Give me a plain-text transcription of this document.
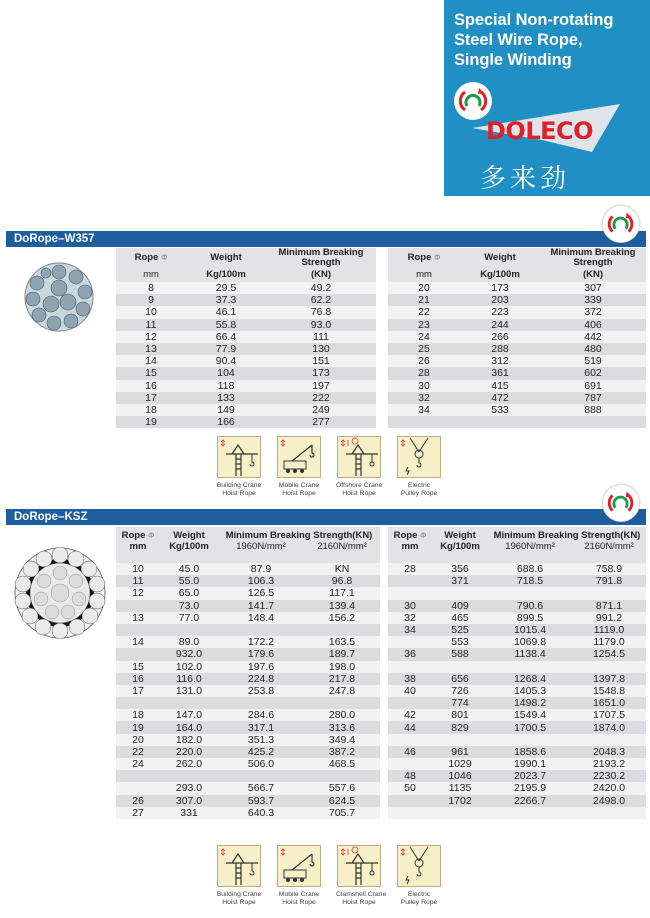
Special Non-rotating
Steel Wire Rope,
Single Winding
DOLECO
多来劲
DoRope–W357
Rope Φ	Weight	Minimum Breaking Strength
mm	Kg/100m	(KN)
8	29.5	49.2
9	37.3	62.2
10	46.1	76.8
11	55.8	93.0
12	66.4	111
13	77.9	130
14	90.4	151
15	104	173
16	118	197
17	133	222
18	149	249
19	166	277
Rope Φ	Weight	Minimum Breaking Strength
mm	Kg/100m	(KN)
20	173	307
21	203	339
22	223	372
23	244	406
24	266	442
25	288	480
26	312	519
28	361	602
30	415	691
32	472	787
34	533	888

Building Crane
Hoist Rope
Mobile Crane
Hoist Rope
Offshore Crane
Hoist Rope
Electric
Pulley Rope
DoRope–KSZ
Rope Φ	Weight	Minimum Breaking Strength(KN)	
mm	Kg/100m	1960N/mm²	2160N/mm²

10	45.0	87.9	KN
11	55.0	106.3	96.8
12	65.0	126.5	117.1
	73.0	141.7	139.4
13	77.0	148.4	156.2

14	89.0	172.2	163.5
	932.0	179.6	189.7
15	102.0	197.6	198.0
16	116.0	224.8	217.8
17	131.0	253.8	247.8

18	147.0	284.6	280.0
19	164.0	317.1	313.6
20	182.0	351.3	349.4
22	220.0	425.2	387.2
24	262.0	506.0	468.5

	293.0	566.7	557.6
26	307.0	593.7	624.5
27	331	640.3	705.7
Rope Φ	Weight	Minimum Breaking Strength(KN)	
mm	Kg/100m	1960N/mm²	2160N/mm²

28	356	688.6	758.9
	371	718.5	791.8

30	409	790.6	871.1
32	465	899.5	991.2
34	525	1015.4	1119.0
	553	1069.8	1179.0
36	588	1138.4	1254.5

38	656	1268.4	1397.8
40	726	1405.3	1548.8
	774	1498.2	1651.0
42	801	1549.4	1707.5
44	829	1700.5	1874.0

46	961	1858.6	2048.3
	1029	1990.1	2193.2
48	1046	2023.7	2230.2
50	1135	2195.9	2420.0
	1702	2266.7	2498.0

Building Crane
Hoist Rope
Mobile Crane
Hoist Rope
Clamshell Crane
Hoist Rope
Electric
Pulley Rope
